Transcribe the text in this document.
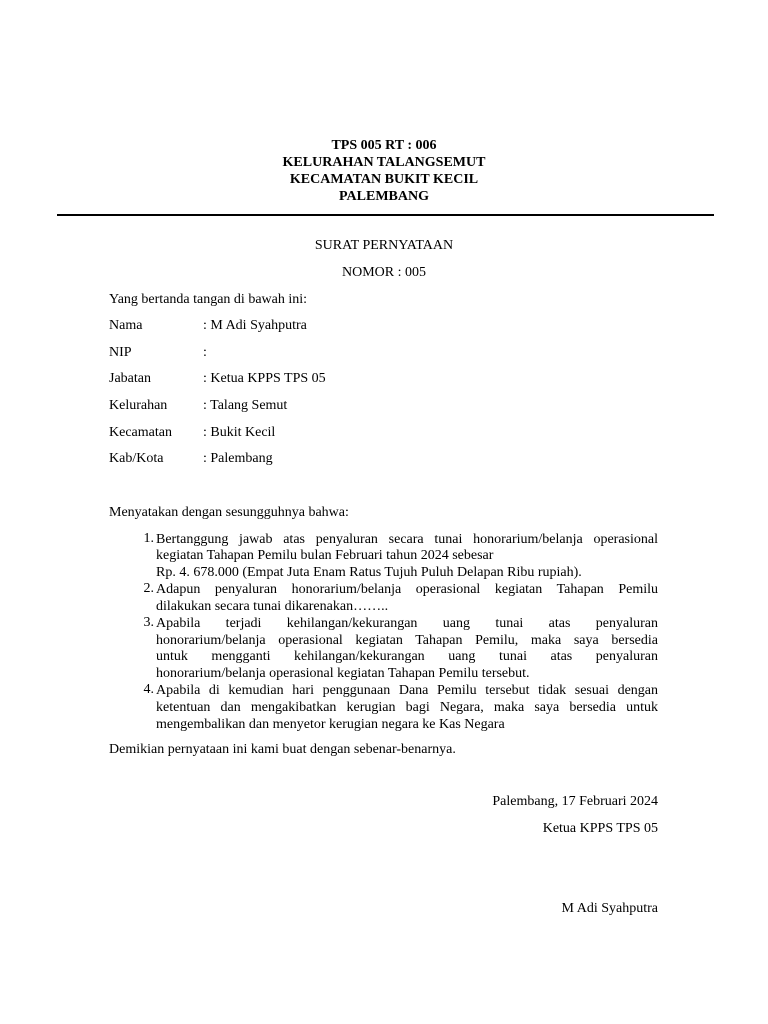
TPS 005 RT : 006
KELURAHAN TALANGSEMUT
KECAMATAN BUKIT KECIL
PALEMBANG
SURAT PERNYATAAN
NOMOR : 005
Yang bertanda tangan di bawah ini:
Nama	: M Adi Syahputra
NIP	:
Jabatan	: Ketua KPPS TPS 05
Kelurahan	: Talang Semut
Kecamatan : Bukit Kecil
Kab/Kota	: Palembang
Menyatakan dengan sesungguhnya bahwa:
1. Bertanggung jawab atas penyaluran secara tunai honorarium/belanja operasional
kegiatan Tahapan Pemilu bulan Februari tahun 2024 sebesar
Rp. 4. 678.000 (Empat Juta Enam Ratus Tujuh Puluh Delapan Ribu rupiah).
2. Adapun penyaluran honorarium/belanja operasional kegiatan Tahapan Pemilu
dilakukan secara tunai dikarenakan……..
3. Apabila terjadi kehilangan/kekurangan uang tunai atas penyaluran
honorarium/belanja operasional kegiatan Tahapan Pemilu, maka saya bersedia
untuk mengganti kehilangan/kekurangan uang tunai atas penyaluran
honorarium/belanja operasional kegiatan Tahapan Pemilu tersebut.
4. Apabila di kemudian hari penggunaan Dana Pemilu tersebut tidak sesuai dengan
ketentuan dan mengakibatkan kerugian bagi Negara, maka saya bersedia untuk
mengembalikan dan menyetor kerugian negara ke Kas Negara
Demikian pernyataan ini kami buat dengan sebenar-benarnya.
Palembang, 17 Februari 2024
Ketua KPPS TPS 05
M Adi Syahputra
